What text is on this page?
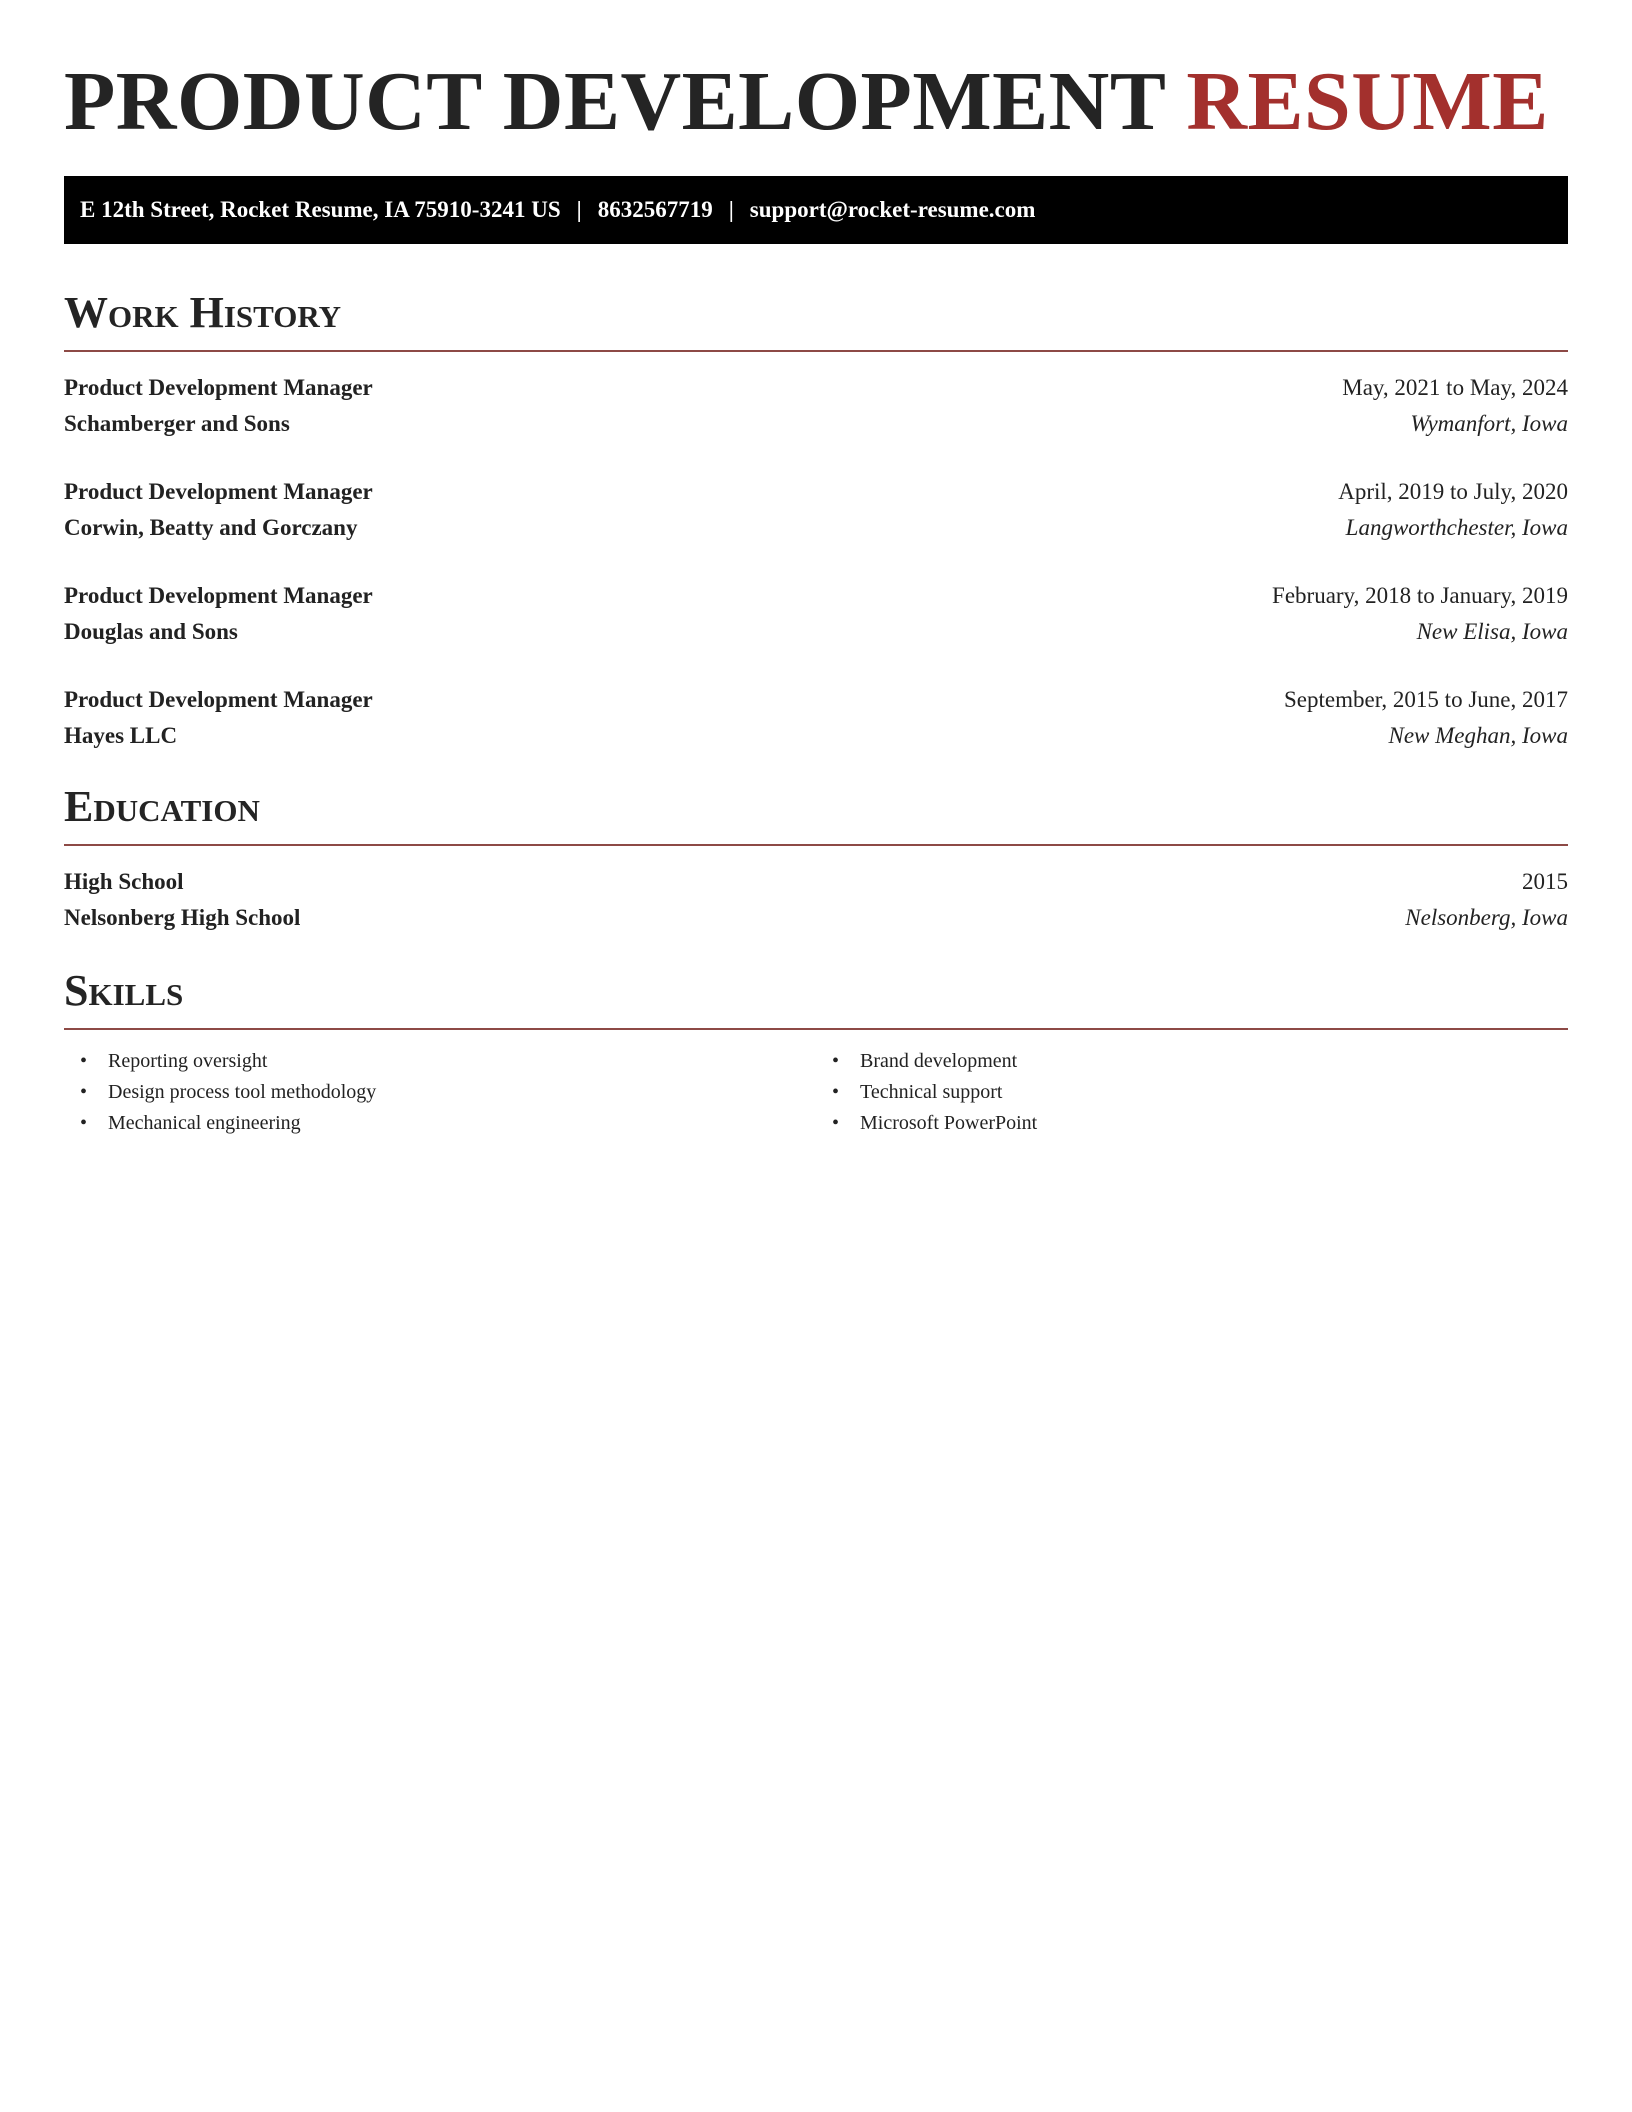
PRODUCT DEVELOPMENT RESUME
E 12th Street, Rocket Resume, IA 75910-3241 US | 8632567719 | support@rocket-resume.com
Work History
Product Development Manager	May, 2021 to May, 2024
Schamberger and Sons	Wymanfort, Iowa
Product Development Manager	April, 2019 to July, 2020
Corwin, Beatty and Gorczany	Langworthchester, Iowa
Product Development Manager	February, 2018 to January, 2019
Douglas and Sons	New Elisa, Iowa
Product Development Manager	September, 2015 to June, 2017
Hayes LLC	New Meghan, Iowa
Education
High School	2015
Nelsonberg High School	Nelsonberg, Iowa
Skills
•	Reporting oversight
•	Design process tool methodology
•	Mechanical engineering
•	Brand development
•	Technical support
•	Microsoft PowerPoint
